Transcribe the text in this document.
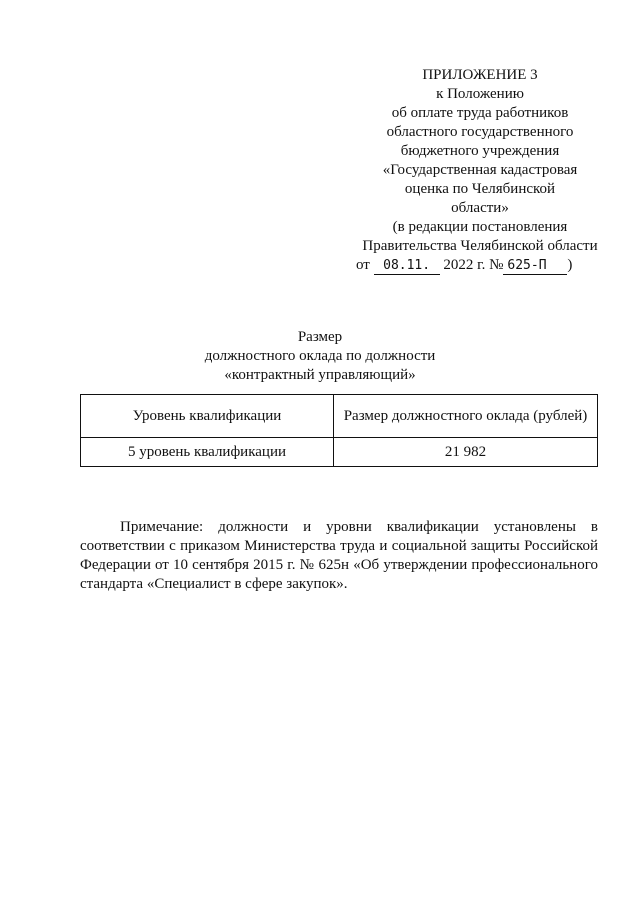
ПРИЛОЖЕНИЕ 3
к Положению
об оплате труда работников
областного государственного
бюджетного учреждения
«Государственная кадастровая
оценка по Челябинской
области»
(в редакции постановления
Правительства Челябинской области
от 08.11. 2022 г. № 625-П )
Размер
должностного оклада по должности
«контрактный управляющий»
Уровень квалификации	Размер должностного оклада (рублей)
5 уровень квалификации	21 982

Примечание: должности и уровни квалификации установлены в соответствии с приказом Министерства труда и социальной защиты Российской Федерации от 10 сентября 2015 г. № 625н «Об утверждении профессионального стандарта «Специалист в сфере закупок».
